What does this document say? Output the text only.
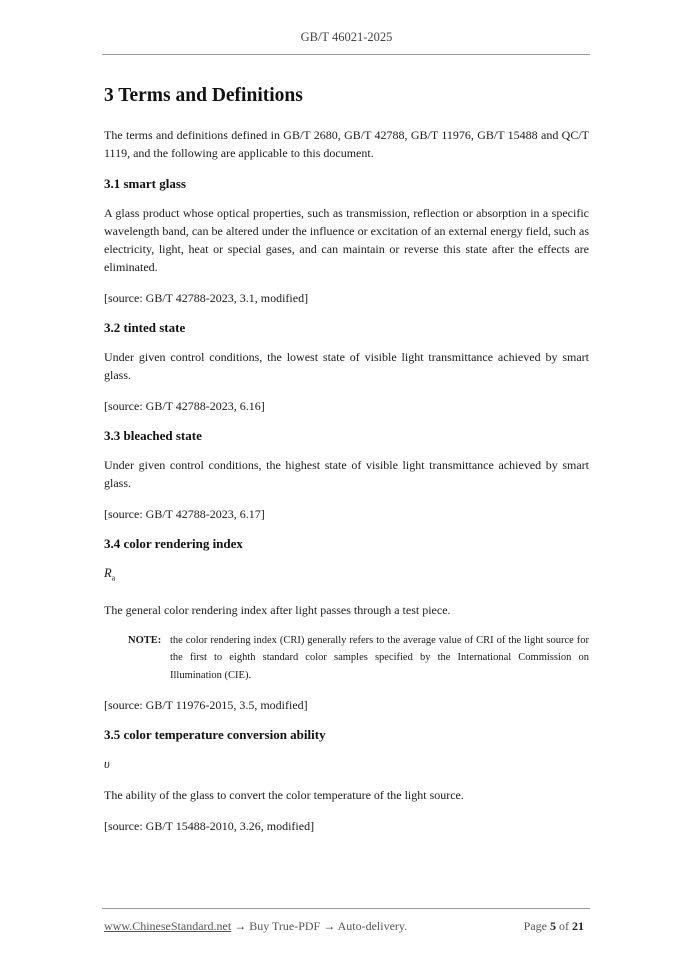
GB/T 46021-2025
3 Terms and Definitions

The terms and definitions defined in GB/T 2680, GB/T 42788, GB/T 11976, GB/T 15488 and QC/T 1119, and the following are applicable to this document.

3.1 smart glass

A glass product whose optical properties, such as transmission, reflection or absorption in a specific wavelength band, can be altered under the influence or excitation of an external energy field, such as electricity, light, heat or special gases, and can maintain or reverse this state after the effects are eliminated.

[source: GB/T 42788-2023, 3.1, modified]

3.2 tinted state

Under given control conditions, the lowest state of visible light transmittance achieved by smart glass.

[source: GB/T 42788-2023, 6.16]

3.3 bleached state

Under given control conditions, the highest state of visible light transmittance achieved by smart glass.

[source: GB/T 42788-2023, 6.17]

3.4 color rendering index

$R_a$

The general color rendering index after light passes through a test piece.

NOTE: the color rendering index (CRI) generally refers to the average value of CRI of the light source for the first to eighth standard color samples specified by the International Commission on Illumination (CIE).

[source: GB/T 11976-2015, 3.5, modified]

3.5 color temperature conversion ability

υ

The ability of the glass to convert the color temperature of the light source.

[source: GB/T 15488-2010, 3.26, modified]

www.ChineseStandard.net → Buy True-PDF → Auto-delivery.	Page 5 of 21
